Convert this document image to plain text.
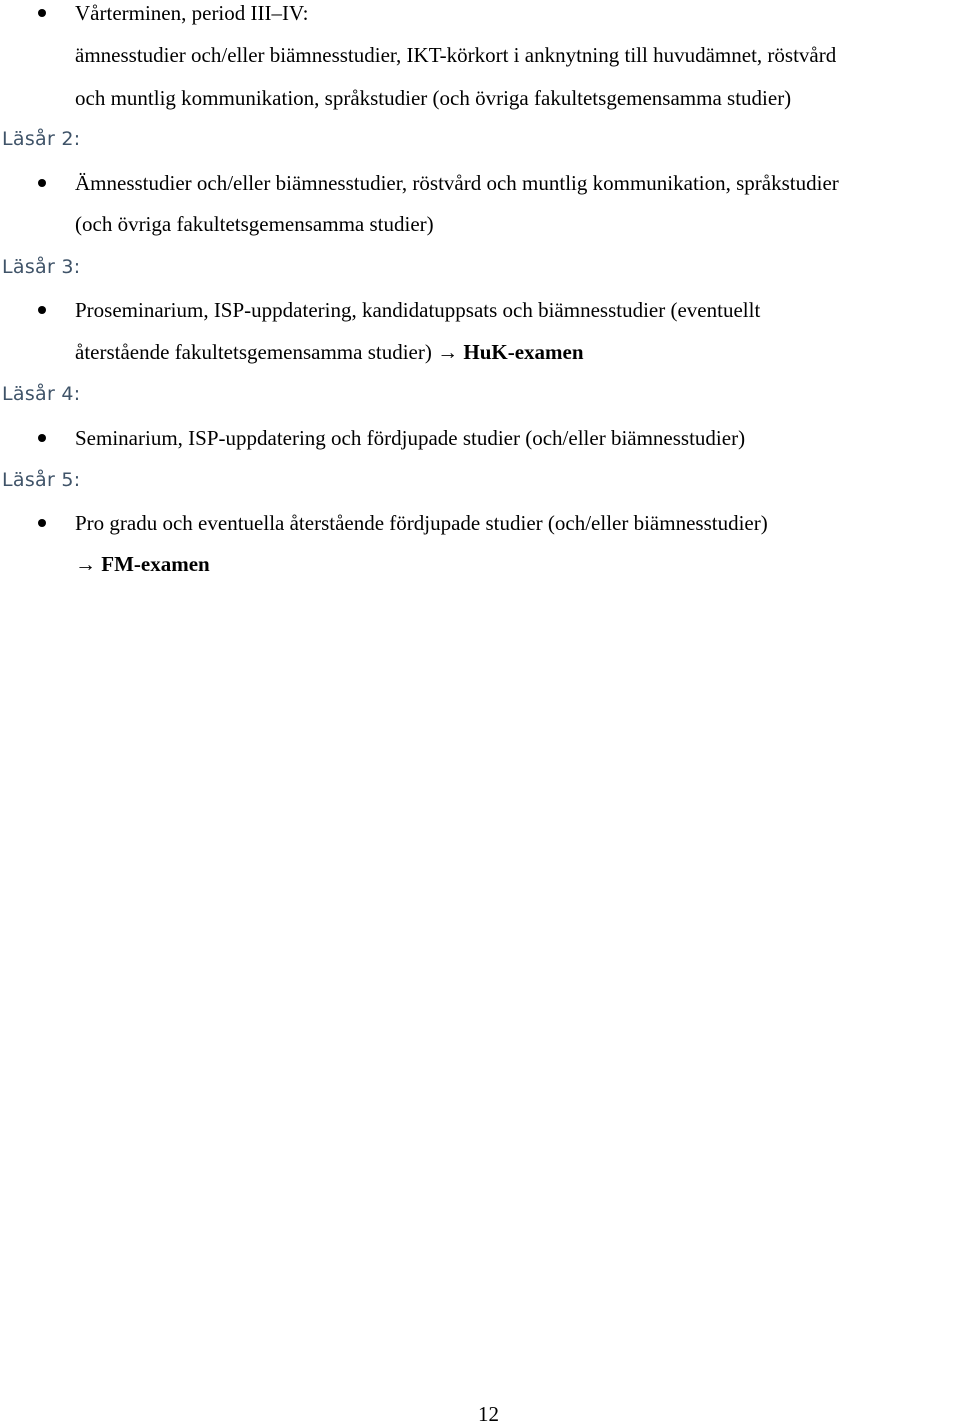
Vårterminen, period III–IV:
ämnesstudier och/eller biämnesstudier, IKT-körkort i anknytning till huvudämnet, röstvård
och muntlig kommunikation, språkstudier (och övriga fakultetsgemensamma studier)
Läsår 2:
Ämnesstudier och/eller biämnesstudier, röstvård och muntlig kommunikation, språkstudier
(och övriga fakultetsgemensamma studier)
Läsår 3:
Proseminarium, ISP-uppdatering, kandidatuppsats och biämnesstudier (eventuellt
återstående fakultetsgemensamma studier) → HuK-examen
Läsår 4:
Seminarium, ISP-uppdatering och fördjupade studier (och/eller biämnesstudier)
Läsår 5:
Pro gradu och eventuella återstående fördjupade studier (och/eller biämnesstudier)
→ FM-examen
12
